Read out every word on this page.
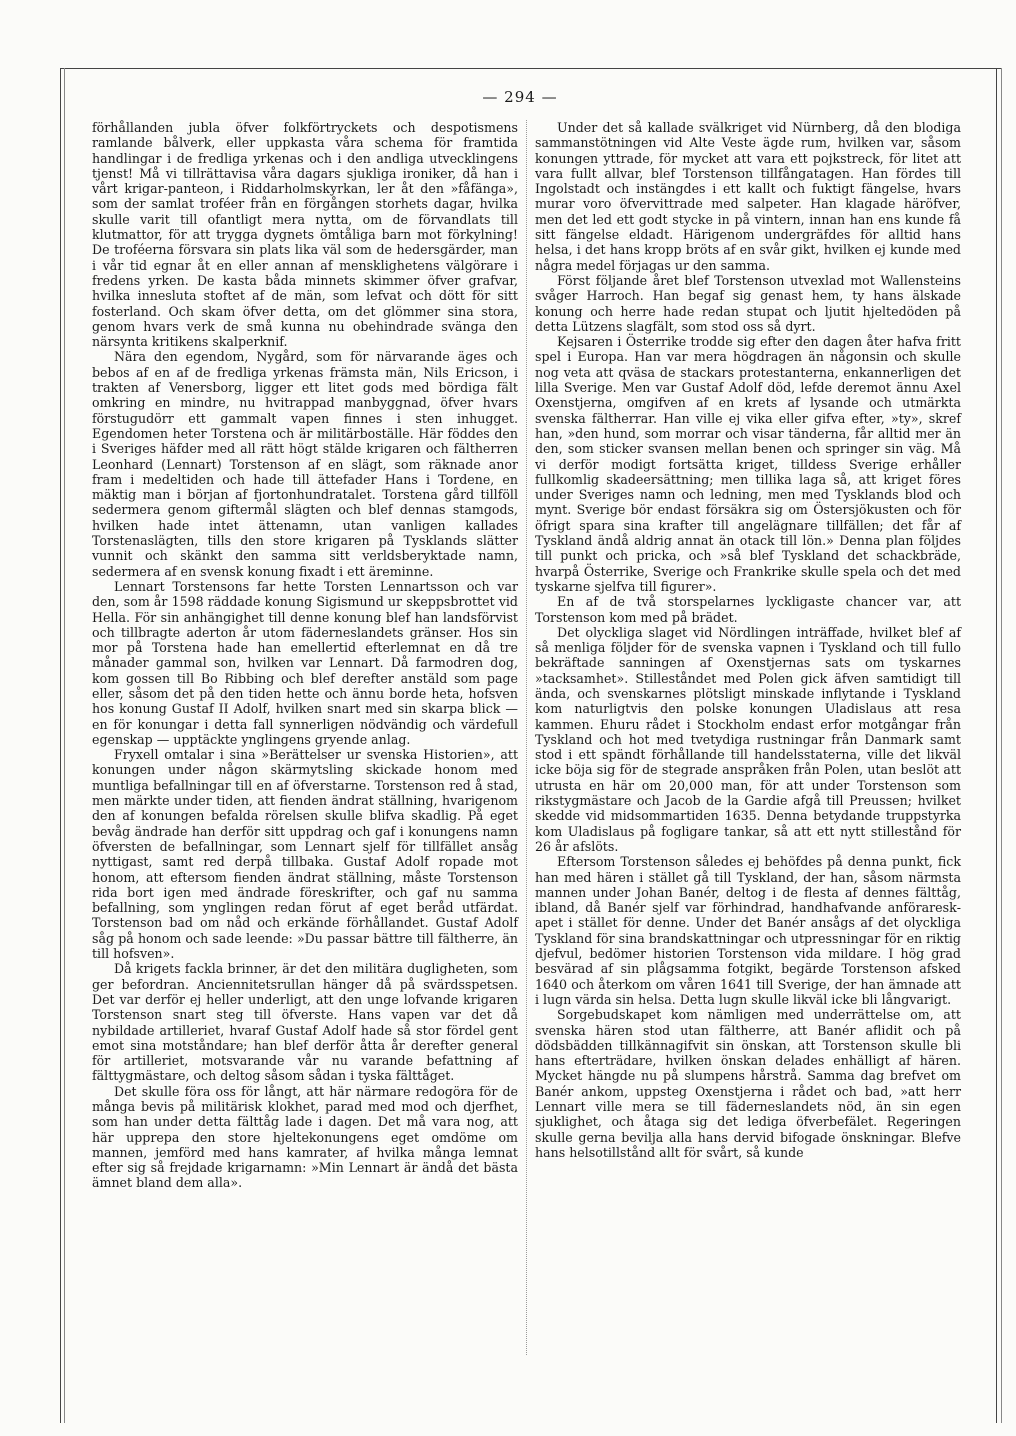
— 294 —

förhållanden jubla öfver folkförtryckets och despotismens ramlande bålverk, eller uppkasta våra schema för framtida handlingar i de fredliga yrkenas och i den andliga utvecklingens tjenst! Må vi tillrättavisa våra dagars sjukliga ironiker, då han i vårt krigar-panteon, i Riddarholmskyrkan, ler åt den »fåfänga», som der samlat troféer från en förgången storhets dagar, hvilka skulle varit till ofantligt mera nytta, om de förvandlats till klutmattor, för att trygga dygnets ömtåliga barn mot förkylning! De troféerna försvara sin plats lika väl som de hedersgärder, man i vår tid egnar åt en eller annan af mensklighetens välgörare i fredens yrken. De kasta båda minnets skimmer öfver grafvar, hvilka innesluta stoftet af de män, som lefvat och dött för sitt fosterland. Och skam öfver detta, om det glömmer sina stora, genom hvars verk de små kunna nu obehindrade svänga den närsynta kritikens skalperknif.

Nära den egendom, Nygård, som för närvarande äges och bebos af en af de fredliga yrkenas främsta män, Nils Ericson, i trakten af Venersborg, ligger ett litet gods med bördiga fält omkring en mindre, nu hvitrappad manbyggnad, öfver hvars förstugudörr ett gammalt vapen finnes i sten inhugget. Egendomen heter Torstena och är militärboställe. Här föddes den i Sveriges häfder med all rätt högt stälde krigaren och fältherren Leonhard (Lennart) Torstenson af en slägt, som räknade anor fram i medeltiden och hade till ättefader Hans i Tordene, en mäktig man i början af fjortonhundratalet. Torstena gård tillföll sedermera genom giftermål slägten och blef dennas stamgods, hvilken hade intet ättenamn, utan vanligen kallades Torstenaslägten, tills den store krigaren på Tysklands slätter vunnit och skänkt den samma sitt verldsberyktade namn, sedermera af en svensk konung fixadt i ett äreminne.

Lennart Torstensons far hette Torsten Lennartsson och var den, som år 1598 räddade konung Sigismund ur skeppsbrottet vid Hella. För sin anhängighet till denne konung blef han landsförvist och tillbragte aderton år utom fäderneslandets gränser. Hos sin mor på Torstena hade han emellertid efterlemnat en då tre månader gammal son, hvilken var Lennart. Då farmodren dog, kom gossen till Bo Ribbing och blef derefter anstäld som page eller, såsom det på den tiden hette och ännu borde heta, hofsven hos konung Gustaf II Adolf, hvilken snart med sin skarpa blick — en för konungar i detta fall synnerligen nödvändig och värdefull egenskap — upptäckte ynglingens gryende anlag.

Fryxell omtalar i sina »Berättelser ur svenska Historien», att konungen under någon skärmytsling skickade honom med muntliga befallningar till en af öfverstarne. Torstenson red å stad, men märkte under tiden, att fienden ändrat ställning, hvarigenom den af konungen befalda rörelsen skulle blifva skadlig. På eget bevåg ändrade han derför sitt uppdrag och gaf i konungens namn öfversten de befallningar, som Lennart sjelf för tillfället ansåg nyttigast, samt red derpå tillbaka. Gustaf Adolf ropade mot honom, att eftersom fienden ändrat ställning, måste Torstenson rida bort igen med ändrade föreskrifter, och gaf nu samma befallning, som ynglingen redan förut af eget beråd utfärdat. Torstenson bad om nåd och erkände förhållandet. Gustaf Adolf såg på honom och sade leende: »Du passar bättre till fältherre, än till hofsven».

Då krigets fackla brinner, är det den militära dugligheten, som ger befordran. Anciennitetsrullan hänger då på svärdsspetsen. Det var derför ej heller underligt, att den unge lofvande krigaren Torstenson snart steg till öfverste. Hans vapen var det då nybildade artilleriet, hvaraf Gustaf Adolf hade så stor fördel gent emot sina motståndare; han blef derför åtta år derefter general för artilleriet, motsvarande vår nu varande befattning af fälttygmästare, och deltog såsom sådan i tyska fälttåget.

Det skulle föra oss för långt, att här närmare redogöra för de många bevis på militärisk klokhet, parad med mod och djerfhet, som han under detta fälttåg lade i dagen. Det må vara nog, att här upprepa den store hjeltekonungens eget omdöme om mannen, jemförd med hans kamrater, af hvilka många lemnat efter sig så frejdade krigarnamn: »Min Lennart är ändå det bästa ämnet bland dem alla».

Under det så kallade svälkriget vid Nürnberg, då den blodiga sammanstötningen vid Alte Veste ägde rum, hvilken var, såsom konungen yttrade, för mycket att vara ett pojkstreck, för litet att vara fullt allvar, blef Torstenson tillfångatagen. Han fördes till Ingolstadt och instängdes i ett kallt och fuktigt fängelse, hvars murar voro öfvervittrade med salpeter. Han klagade häröfver, men det led ett godt stycke in på vintern, innan han ens kunde få sitt fängelse eldadt. Härigenom undergräfdes för alltid hans helsa, i det hans kropp bröts af en svår gikt, hvilken ej kunde med några medel förjagas ur den samma.

Först följande året blef Torstenson utvexlad mot Wallensteins svåger Harroch. Han begaf sig genast hem, ty hans älskade konung och herre hade redan stupat och ljutit hjeltedöden på detta Lützens slagfält, som stod oss så dyrt.

Kejsaren i Österrike trodde sig efter den dagen åter hafva fritt spel i Europa. Han var mera högdragen än någonsin och skulle nog veta att qväsa de stackars protestanterna, enkannerligen det lilla Sverige. Men var Gustaf Adolf död, lefde deremot ännu Axel Oxenstjerna, omgifven af en krets af lysande och utmärkta svenska fältherrar. Han ville ej vika eller gifva efter, »ty», skref han, »den hund, som morrar och visar tänderna, får alltid mer än den, som sticker svansen mellan benen och springer sin väg. Må vi derför modigt fortsätta kriget, tilldess Sverige erhåller fullkomlig skadeersättning; men tillika laga så, att kriget föres under Sveriges namn och ledning, men med Tysklands blod och mynt. Sverige bör endast försäkra sig om Östersjökusten och för öfrigt spara sina krafter till angelägnare tillfällen; det får af Tyskland ändå aldrig annat än otack till lön.» Denna plan följdes till punkt och pricka, och »så blef Tyskland det schackbräde, hvarpå Österrike, Sverige och Frankrike skulle spela och det med tyskarne sjelfva till figurer».

En af de två storspelarnes lyckligaste chancer var, att Torstenson kom med på brädet.

Det olyckliga slaget vid Nördlingen inträffade, hvilket blef af så menliga följder för de svenska vapnen i Tyskland och till fullo bekräftade sanningen af Oxenstjernas sats om tyskarnes »tacksamhet». Stilleståndet med Polen gick äfven samtidigt till ända, och svenskarnes plötsligt minskade inflytande i Tyskland kom naturligtvis den polske konungen Uladislaus att resa kammen. Ehuru rådet i Stockholm endast erfor motgångar från Tyskland och hot med tvetydiga rustningar från Danmark samt stod i ett spändt förhållande till handelsstaterna, ville det likväl icke böja sig för de stegrade anspråken från Polen, utan beslöt att utrusta en här om 20,000 man, för att under Torstenson som rikstygmästare och Jacob de la Gardie afgå till Preussen; hvilket skedde vid midsommartiden 1635. Denna betydande truppstyrka kom Uladislaus på fogligare tankar, så att ett nytt stillestånd för 26 år afslöts.

Eftersom Torstenson således ej behöfdes på denna punkt, fick han med hären i stället gå till Tyskland, der han, såsom närmsta mannen under Johan Banér, deltog i de flesta af dennes fälttåg, ibland, då Banér sjelf var förhindrad, handhafvande anförareskapet i stället för denne. Under det Banér ansågs af det olyckliga Tyskland för sina brandskattningar och utpressningar för en riktig djefvul, bedömer historien Torstenson vida mildare. I hög grad besvärad af sin plågsamma fotgikt, begärde Torstenson afsked 1640 och återkom om våren 1641 till Sverige, der han ämnade att i lugn värda sin helsa. Detta lugn skulle likväl icke bli långvarigt.

Sorgebudskapet kom nämligen med underrättelse om, att svenska hären stod utan fältherre, att Banér aflidit och på dödsbädden tillkännagifvit sin önskan, att Torstenson skulle bli hans efterträdare, hvilken önskan delades enhälligt af hären. Mycket hängde nu på slumpens hårstrå. Samma dag brefvet om Banér ankom, uppsteg Oxenstjerna i rådet och bad, »att herr Lennart ville mera se till fäderneslandets nöd, än sin egen sjuklighet, och åtaga sig det lediga öfverbefälet. Regeringen skulle gerna bevilja alla hans dervid bifogade önskningar. Blefve hans helsotillstånd allt för svårt, så kunde
